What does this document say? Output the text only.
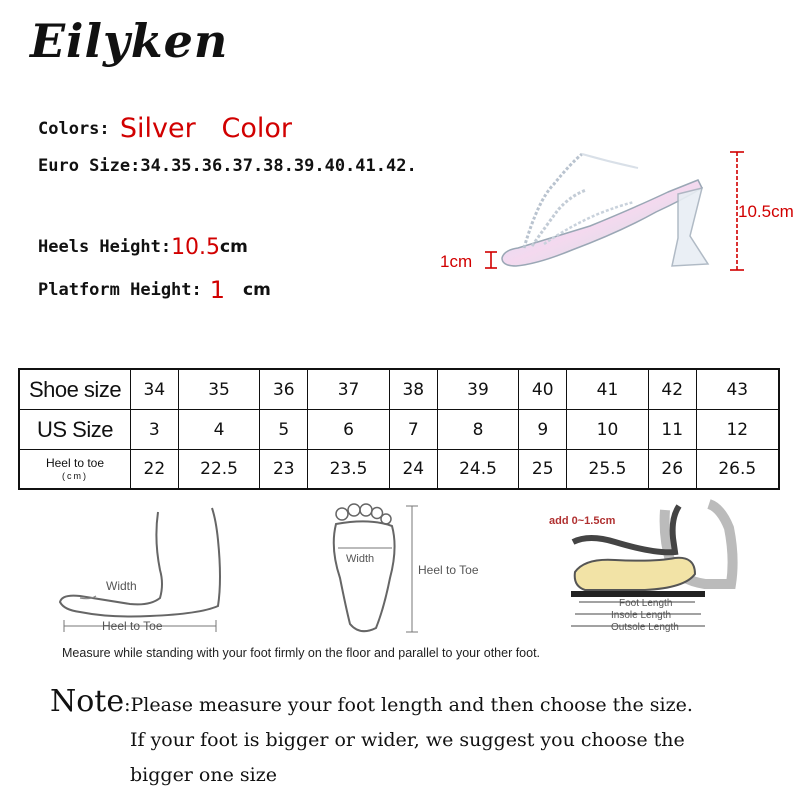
Eilyken
Colors: Silver   Color
Euro Size:34.35.36.37.38.39.40.41.42.
Heels Height:10.5cm
Platform Height: 1 cm
10.5cm
1cm
Shoe size	34	35	36	37	38	39	40	41	42	43
US Size	3	4	5	6	7	8	9	10	11	12
Heel to toe
(cm)	22	22.5	23	23.5	24	24.5	25	25.5	26	26.5
Width
Heel to Toe
Width
Heel to Toe
add 0~1.5cm
Foot Length
Insole Length
Outsole Length
Measure while standing with your foot firmly on the floor and parallel to your other foot.
Note:Please measure your foot length and then choose the size.
If your foot is bigger or wider, we suggest you choose the
bigger one size
